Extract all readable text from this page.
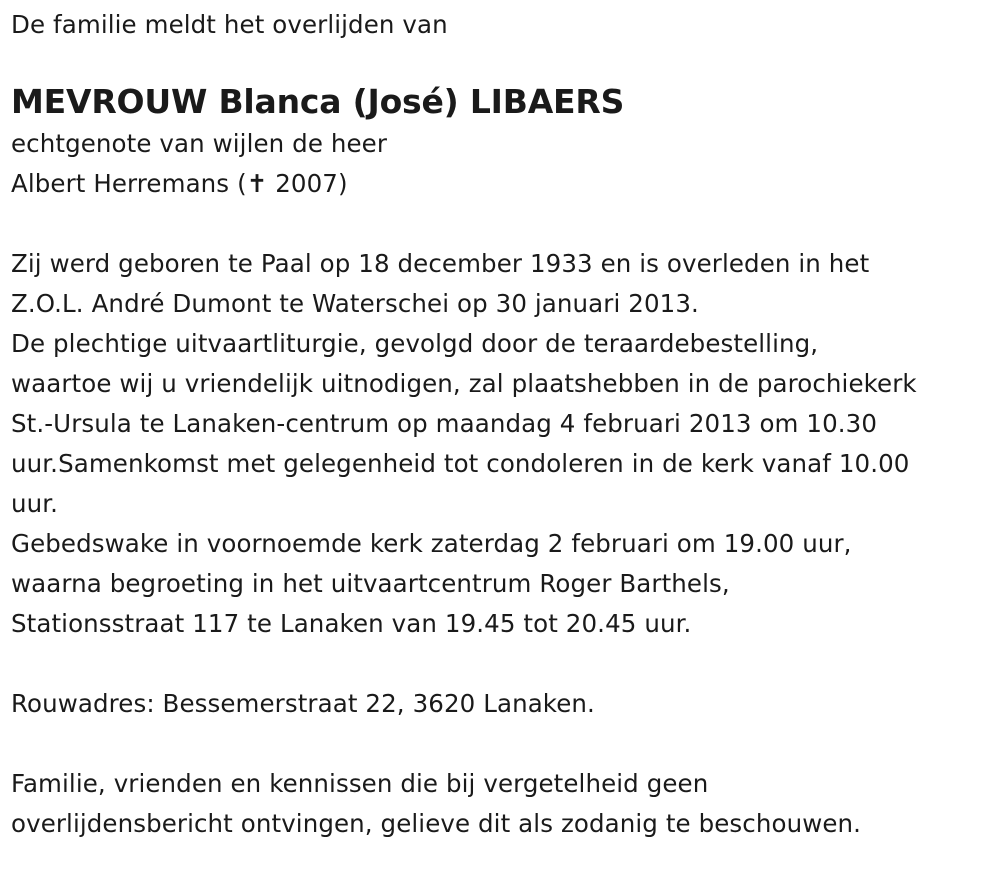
De familie meldt het overlijden van
MEVROUW Blanca (José) LIBAERS
echtgenote van wijlen de heer
Albert Herremans (✝ 2007)
Zij werd geboren te Paal op 18 december 1933 en is overleden in het
Z.O.L. André Dumont te Waterschei op 30 januari 2013.
De plechtige uitvaartliturgie, gevolgd door de teraardebestelling,
waartoe wij u vriendelijk uitnodigen, zal plaatshebben in de parochiekerk
St.-Ursula te Lanaken-centrum op maandag 4 februari 2013 om 10.30
uur.Samenkomst met gelegenheid tot condoleren in de kerk vanaf 10.00
uur.
Gebedswake in voornoemde kerk zaterdag 2 februari om 19.00 uur,
waarna begroeting in het uitvaartcentrum Roger Barthels,
Stationsstraat 117 te Lanaken van 19.45 tot 20.45 uur.
Rouwadres: Bessemerstraat 22, 3620 Lanaken.
Familie, vrienden en kennissen die bij vergetelheid geen
overlijdensbericht ontvingen, gelieve dit als zodanig te beschouwen.
